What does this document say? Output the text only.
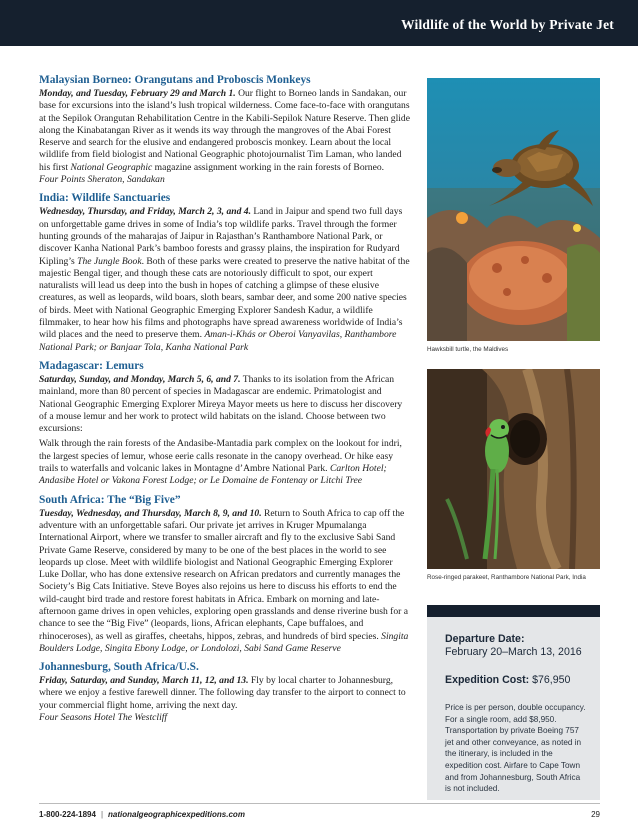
Wildlife of the World by Private Jet
Malaysian Borneo: Orangutans and Proboscis Monkeys

Monday, and Tuesday, February 29 and March 1. Our flight to Borneo lands in Sandakan, our base for excursions into the island’s lush tropical wilderness. Come face-to-face with orangutans at the Sepilok Orangutan Rehabilitation Centre in the Kabili-Sepilok Nature Reserve. Then glide along the Kinabatangan River as it wends its way through the mangroves of the Abai Forest Reserve and search for the elusive and endangered proboscis monkey. Learn about the local wildlife from field biologist and National Geographic photojournalist Tim Laman, who landed his first National Geographic magazine assignment working in the rain forests of Borneo.
Four Points Sheraton, Sandakan

India: Wildlife Sanctuaries

Wednesday, Thursday, and Friday, March 2, 3, and 4. Land in Jaipur and spend two full days on unforgettable game drives in some of India’s top wildlife parks. Travel through the former hunting grounds of the maharajas of Jaipur in Rajasthan’s Ranthambore National Park, or discover Kanha National Park’s bamboo forests and grassy plains, the inspiration for Rudyard Kipling’s The Jungle Book. Both of these parks were created to preserve the native habitat of the majestic Bengal tiger, and though these cats are notoriously difficult to spot, our expert naturalists will lead us deep into the bush in hopes of catching a glimpse of these elusive creatures, as well as leopards, wild boars, sloth bears, sambar deer, and some 200 native species of birds. Meet with National Geographic Emerging Explorer Sandesh Kadur, a wildlife filmmaker, to hear how his films and photographs have spread awareness worldwide of India’s wild places and the need to preserve them. Aman-i-Khás or Oberoi Vanyavilas, Ranthambore National Park; or Banjaar Tola, Kanha National Park

Madagascar: Lemurs

Saturday, Sunday, and Monday, March 5, 6, and 7. Thanks to its isolation from the African mainland, more than 80 percent of species in Madagascar are endemic. Primatologist and National Geographic Emerging Explorer Mireya Mayor meets us here to discuss her discovery of a mouse lemur and her work to protect wild habitats on the island. Choose between two excursions:

Walk through the rain forests of the Andasibe-Mantadia park complex on the lookout for indri, the largest species of lemur, whose eerie calls resonate in the canopy overhead. Or hike easy trails to waterfalls and volcanic lakes in Montagne d’Ambre National Park. Carlton Hotel; Andasibe Hotel or Vakona Forest Lodge; or Le Domaine de Fontenay or Litchi Tree

South Africa: The “Big Five”

Tuesday, Wednesday, and Thursday, March 8, 9, and 10. Return to South Africa to cap off the adventure with an unforgettable safari. Our private jet arrives in Kruger Mpumalanga International Airport, where we transfer to smaller aircraft and fly to the exclusive Sabi Sand Private Game Reserve, considered by many to be one of the best places in the world to see leopards up close. Meet with wildlife biologist and National Geographic Emerging Explorer Luke Dollar, who has done extensive research on African predators and currently manages the Society’s Big Cats Initiative. Steve Boyes also rejoins us here to discuss his efforts to end the wild-caught bird trade and restore forest habitats in Africa. Embark on morning and late-afternoon game drives in open vehicles, exploring open grasslands and dense riverine bush for a chance to see the “Big Five” (leopards, lions, African elephants, Cape buffaloes, and rhinoceroses), as well as giraffes, cheetahs, hippos, zebras, and hundreds of bird species. Singita Boulders Lodge, Singita Ebony Lodge, or Londolozi, Sabi Sand Game Reserve

Johannesburg, South Africa/U.S.

Friday, Saturday, and Sunday, March 11, 12, and 13. Fly by local charter to Johannesburg, where we enjoy a festive farewell dinner. The following day transfer to the airport to connect to your commercial flight home, arriving the next day.
Four Seasons Hotel The Westcliff

Hawksbill turtle, the Maldives
Rose-ringed parakeet, Ranthambore National Park, India
Departure Date:
February 20–March 13, 2016
Expedition Cost: $76,950
Price is per person, double occupancy. For a single room, add $8,950. Transportation by private Boeing 757 jet and other conveyance, as noted in the itinerary, is included in the expedition cost. Airfare to Cape Town and from Johannesburg, South Africa is not included.
1-800-224-1894 | nationalgeographicexpeditions.com	29
